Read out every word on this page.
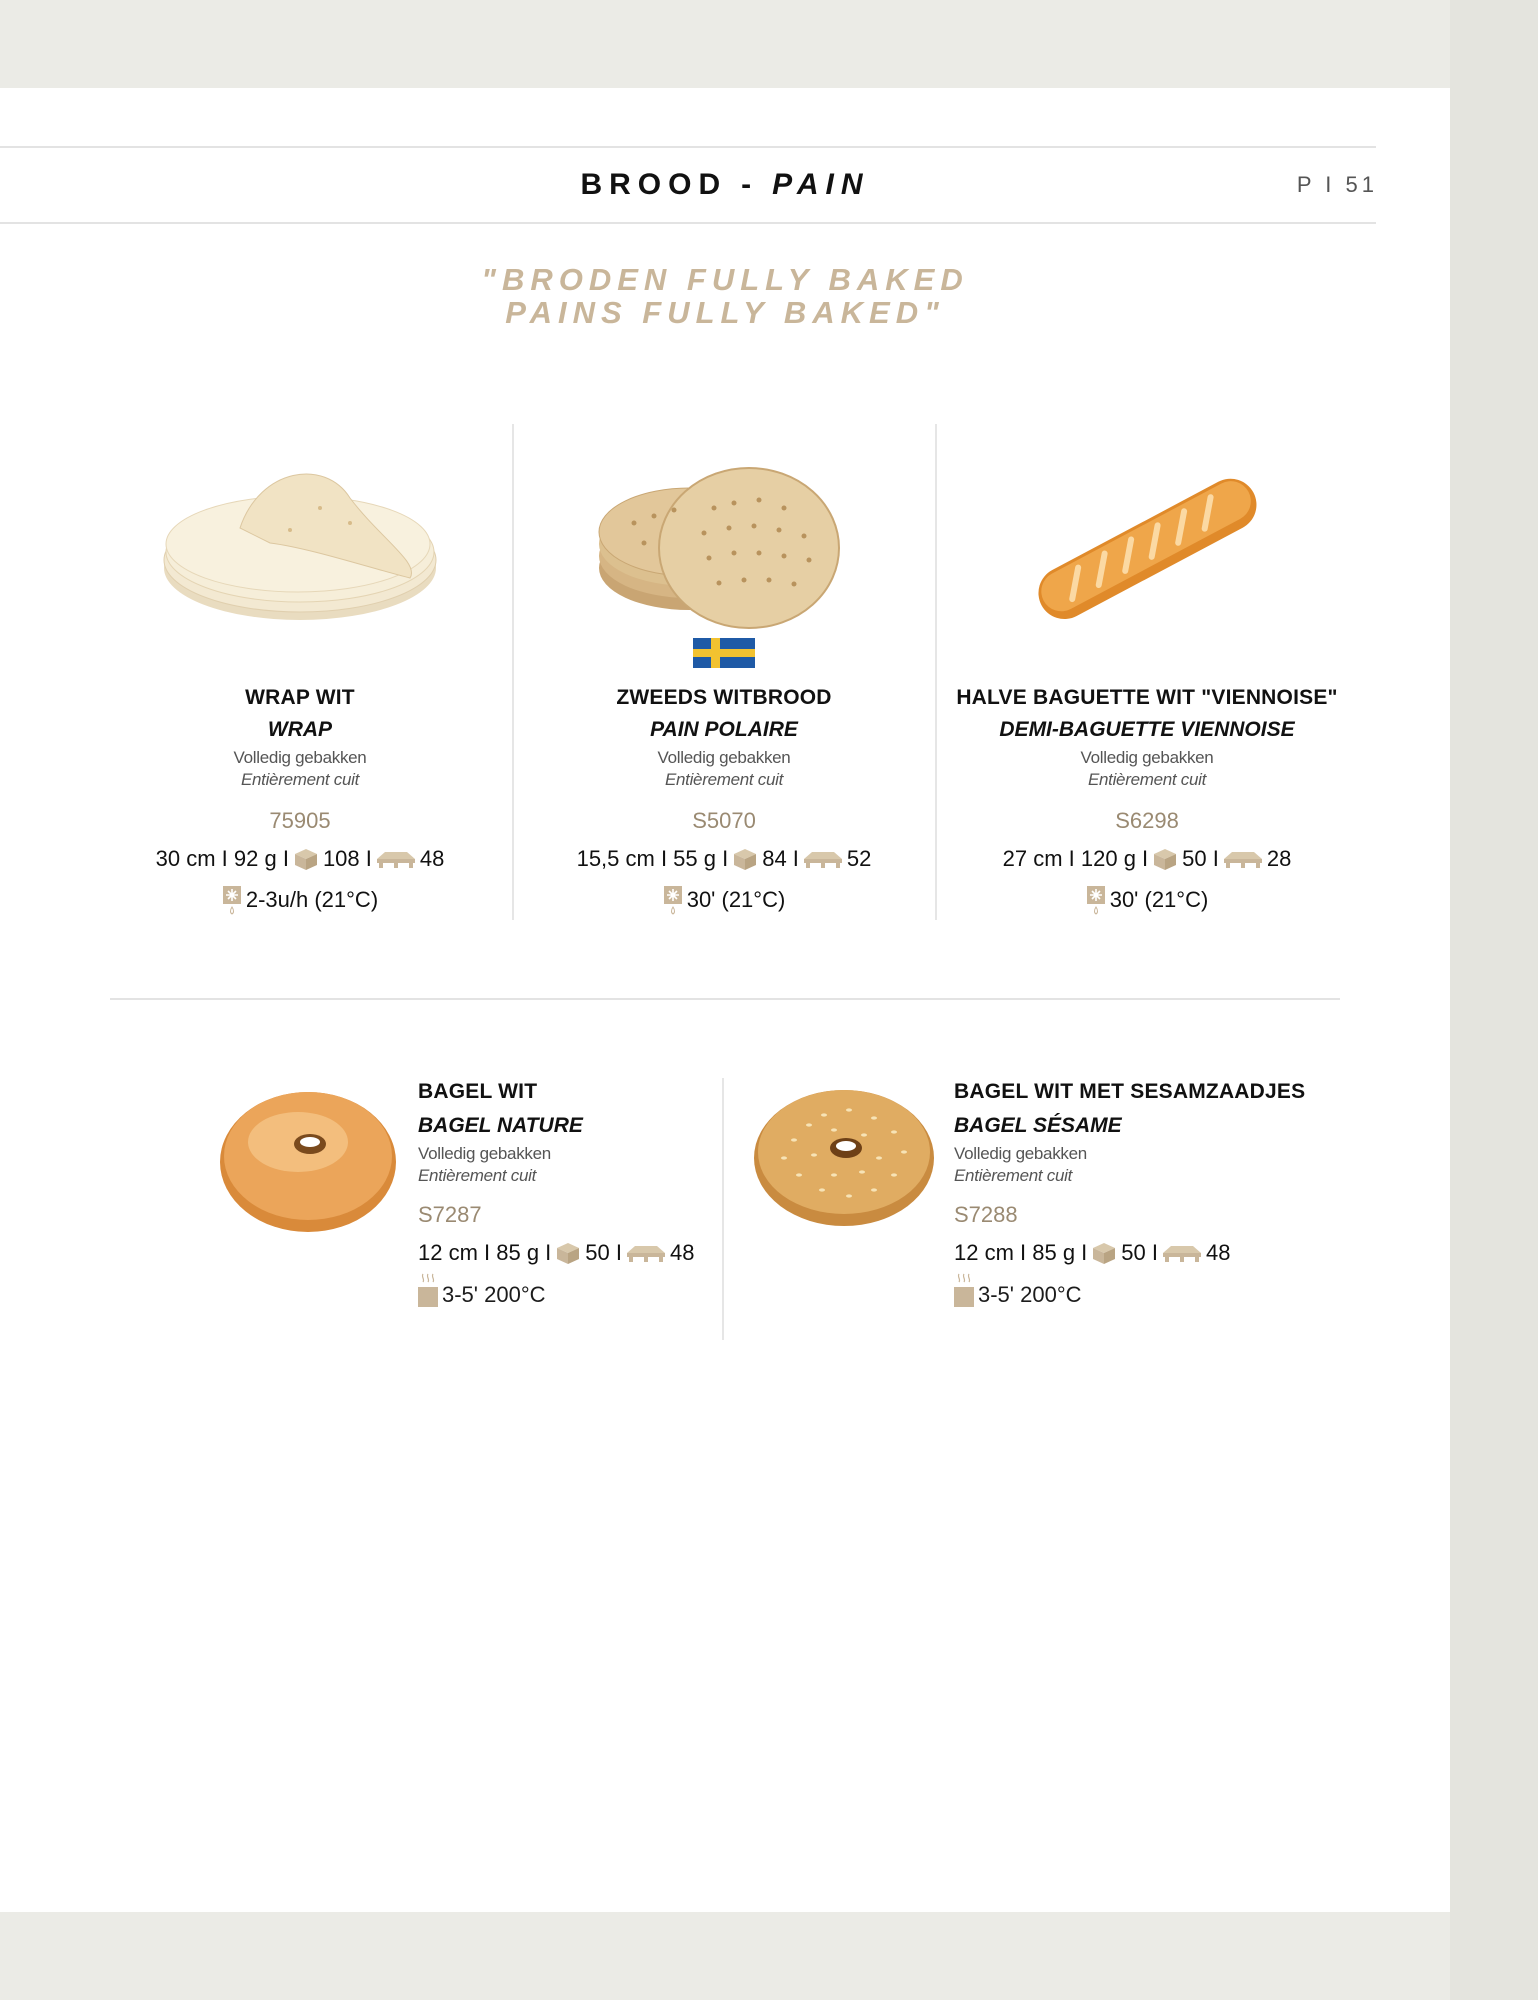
BROOD - PAIN	P I 51
"BRODEN FULLY BAKED
PAINS FULLY BAKED"
WRAP WIT
WRAP
Volledig gebakken
Entièrement cuit
75905
30 cm I 92 g I 108 I 48
2-3u/h (21°C)
ZWEEDS WITBROOD
PAIN POLAIRE
Volledig gebakken
Entièrement cuit
S5070
15,5 cm I 55 g I 84 I 52
30' (21°C)
HALVE BAGUETTE WIT "VIENNOISE"
DEMI-BAGUETTE VIENNOISE
Volledig gebakken
Entièrement cuit
S6298
27 cm I 120 g I 50 I 28
30' (21°C)
BAGEL WIT
BAGEL NATURE
Volledig gebakken
Entièrement cuit
S7287
12 cm I 85 g I 50 I 48
3-5' 200°C
BAGEL WIT MET SESAMZAADJES
BAGEL SÉSAME
Volledig gebakken
Entièrement cuit
S7288
12 cm I 85 g I 50 I 48
3-5' 200°C
